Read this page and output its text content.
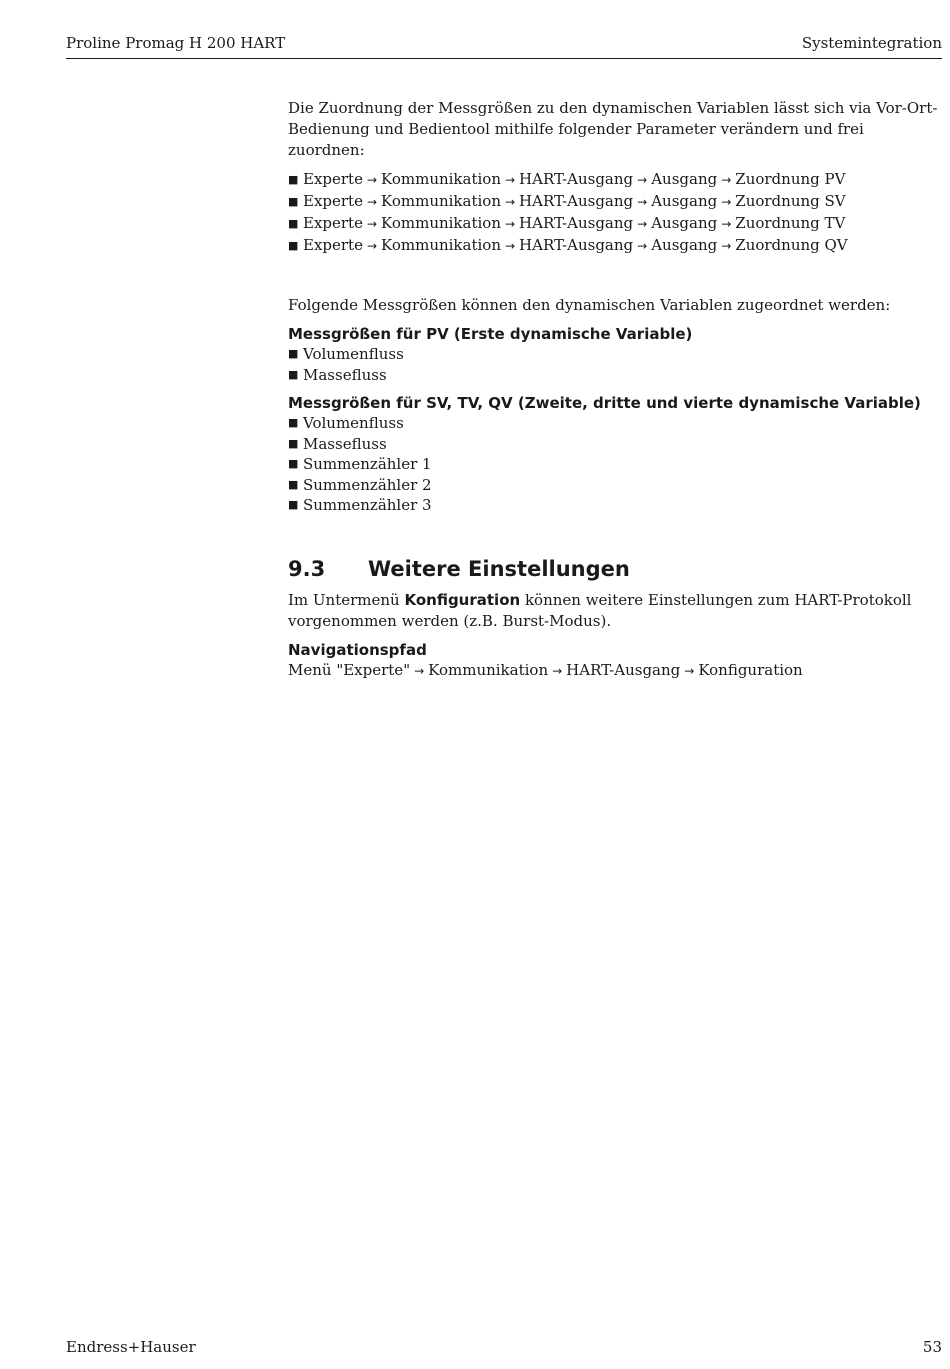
Proline Promag H 200 HART	Systemintegration

Die Zuordnung der Messgrößen zu den dynamischen Variablen lässt sich via Vor-Ort-Bedienung und Bedientool mithilfe folgender Parameter verändern und frei zuordnen:

■ Experte → Kommunikation → HART-Ausgang → Ausgang → Zuordnung PV
■ Experte → Kommunikation → HART-Ausgang → Ausgang → Zuordnung SV
■ Experte → Kommunikation → HART-Ausgang → Ausgang → Zuordnung TV
■ Experte → Kommunikation → HART-Ausgang → Ausgang → Zuordnung QV

Folgende Messgrößen können den dynamischen Variablen zugeordnet werden:

Messgrößen für PV (Erste dynamische Variable)
■ Volumenfluss
■ Massefluss
Messgrößen für SV, TV, QV (Zweite, dritte und vierte dynamische Variable)
■ Volumenfluss
■ Massefluss
■ Summenzähler 1
■ Summenzähler 2
■ Summenzähler 3
9.3 Weitere Einstellungen

Im Untermenü Konfiguration können weitere Einstellungen zum HART-Protokoll vorgenommen werden (z.B. Burst-Modus).

Navigationspfad
Menü "Experte" → Kommunikation → HART-Ausgang → Konfiguration
Endress+Hauser	53
